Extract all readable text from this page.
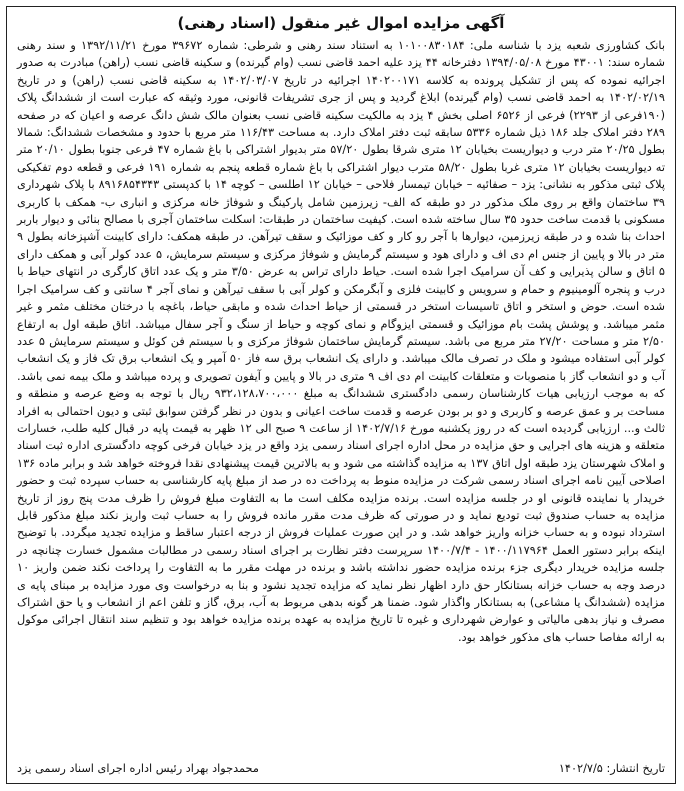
آگهی مزایده اموال غیر منقول (اسناد رهنی)
بانک کشاورزی شعبه یزد با شناسه ملی: ۱۰۱۰۰۸۳۰۱۸۴ به استناد سند رهنی و شرطی: شماره ۳۹۶۷۲ مورخ ۱۳۹۲/۱۱/۲۱ و سند رهنی شماره سند: ۴۳۰۰۱ مورخ ۱۳۹۴/۰۵/۰۸ دفترخانه ۴۴ یزد علیه احمد قاضی نسب (وام گیرنده) و سکینه قاضی نسب (راهن) مبادرت به صدور اجرائیه نموده که پس از تشکیل پرونده به کلاسه ۱۴۰۲۰۰۱۷۱ اجرائیه در تاریخ ۱۴۰۲/۰۳/۰۷ به سکینه قاضی نسب (راهن) و در تاریخ ۱۴۰۲/۰۲/۱۹ به احمد قاضی نسب (وام گیرنده) ابلاغ گردید و پس از جری تشریفات قانونی، مورد وثیقه که عبارت است از ششدانگ پلاک (۱۹۰فرعی از ۲۲۹۳) فرعی از ۶۵۲۶ اصلی بخش ۴ یزد به مالکیت سکینه قاضی نسب بعنوان مالک شش دانگ عرصه و اعیان که در صفحه ۲۸۹ دفتر املاک جلد ۱۸۶ ذیل شماره ۵۳۳۶ سابقه ثبت دفتر املاک دارد. به مساحت ۱۱۶/۴۳ متر مربع با حدود و مشخصات ششدانگ: شمالا بطول ۲۰/۲۵ متر درب و دیواریست بخیابان ۱۲ متری شرقا بطول ۵۷/۲۰ متر بدیوار اشتراکی با باغ شماره ۴۷ فرعی جنوبا بطول ۲۰/۱۰ متر ته دیواریست بخیابان ۱۲ متری غربا بطول ۵۸/۲۰ مترب دیوار اشتراکی با باغ شماره قطعه پنجم به شماره ۱۹۱ فرعی و قطعه دوم تفکیکی پلاک ثبتی مذکور به نشانی: یزد – صفائیه – خیابان تیمسار فلاحی – خیابان ۱۲ اطلسی – کوچه ۱۴ با کدپستی ۸۹۱۶۸۵۴۳۴۳ با پلاک شهرداری ۳۹ ساختمان واقع بر روی ملک مذکور در دو طبقه که الف- زیرزمین شامل پارکینگ و شوفاژ خانه مرکزی و انباری ب- همکف با کاربری مسکونی با قدمت ساخت حدود ۳۵ سال ساخته شده است. کیفیت ساختمان در طبقات: اسکلت ساختمان آجری با مصالح بنائی و دیوار باربر احداث بنا شده و در طبقه زیرزمین، دیوارها با آجر رو کار و کف موزائیک و سقف تیرآهن. در طبقه همکف: دارای کابینت آشپزخانه بطول ۹ متر در بالا و پایین از جنس ام دی اف و دارای هود و سیستم گرمایش و شوفاژ مرکزی و سیستم سرمایش، ۵ عدد کولر آبی و همکف دارای ۵ اتاق و سالن پذیرایی و کف آن سرامیک اجرا شده است. حیاط دارای تراس به عرض ۳/۵۰ متر و یک عدد اتاق کارگری در انتهای حیاط با درب و پنجره آلومینیوم و حمام و سرویس و کابینت فلزی و آبگرمکن و کولر آبی با سقف تیرآهن و نمای آجر ۴ سانتی و کف سرامیک اجرا شده است. حوض و استخر و اتاق تاسیسات استخر در قسمتی از حیاط احداث شده و مابقی حیاط، باغچه با درختان مختلف مثمر و غیر مثمر میباشد. و پوشش پشت بام موزائیک و قسمتی ایزوگام و نمای کوچه و حیاط از سنگ و آجر سفال میباشد. اتاق طبقه اول به ارتفاع ۲/۵۰ متر و مساحت ۲۷/۲۰ متر مربع می باشد. سیستم گرمایش ساختمان شوفاژ مرکزی و با سیستم فن کوئل و سیستم سرمایش ۵ عدد کولر آبی استفاده میشود و ملک در تصرف مالک میباشد. و دارای یک انشعاب برق سه فاز ۵۰ آمپر و یک انشعاب برق تک فاز و یک انشعاب آب و دو انشعاب گاز با منصوبات و متعلقات کابینت ام دی اف ۹ متری در بالا و پایین و آیفون تصویری و پرده میباشد و ملک بیمه نمی باشد. که به موجب ارزیابی هیات کارشناسان رسمی دادگستری ششدانگ به مبلغ ۹۳۲،۱۲۸،۷۰۰،۰۰۰ ریال با توجه به وضع عرصه و منطقه و مساحت بر و عمق عرصه و کاربری و دو بر بودن عرصه و قدمت ساخت اعیانی و بدون در نظر گرفتن سوابق ثبتی و دیون احتمالی به افراد ثالث و... ارزیابی گردیده است که در روز یکشنبه مورخ ۱۴۰۲/۷/۱۶ از ساعت ۹ صبح الی ۱۲ ظهر به قیمت پایه در قبال کلیه طلب، خسارات متعلقه و هزینه های اجرایی و حق مزایده در محل اداره اجرای اسناد رسمی یزد واقع در یزد خیابان فرخی کوچه دادگستری اداره ثبت اسناد و املاک شهرستان یزد طبقه اول اتاق ۱۳۷ به مزایده گذاشته می شود و به بالاترین قیمت پیشنهادی نقدا فروخته خواهد شد و برابر ماده ۱۳۶ اصلاحی آیین نامه اجرای اسناد رسمی شرکت در مزایده منوط به پرداخت ده در صد از مبلغ پایه کارشناسی به حساب سپرده ثبت و حضور خریدار یا نماینده قانونی او در جلسه مزایده است. برنده مزایده مکلف است ما به التفاوت مبلغ فروش را ظرف مدت پنج روز از تاریخ مزایده به حساب صندوق ثبت تودیع نماید و در صورتی که ظرف مدت مقرر مانده فروش را به حساب ثبت واریز نکند مبلغ مذکور قابل استرداد نبوده و به حساب خزانه واریز خواهد شد. و در این صورت عملیات فروش از درجه اعتبار ساقط و مزایده تجدید میگردد. با توضیح اینکه برابر دستور العمل ۱۴۰۰/۱۱۷۹۶۴ - ۱۴۰۰/۷/۴ سرپرست دفتر نظارت بر اجرای اسناد رسمی در مطالبات مشمول خسارت چنانچه در جلسه مزایده خریدار دیگری جزء برنده مزایده حضور نداشته باشد و برنده در مهلت مقرر ما به التفاوت را پرداخت نکند ضمن واریز ۱۰ درصد وجه به حساب خزانه بستانکار حق دارد اظهار نظر نماید که مزایده تجدید نشود و بنا به درخواست وی مورد مزایده بر مبنای پایه ی مزایده (ششدانگ یا مشاعی) به بستانکار واگذار شود. ضمنا هر گونه بدهی مربوط به آب، برق، گاز و تلفن اعم از انشعاب و یا حق اشتراک مصرف و نیاز بدهی مالیاتی و عوارض شهرداری و غیره تا تاریخ مزایده به عهده برنده مزایده خواهد بود و تنظیم سند انتقال اجرائی موکول به ارائه مفاصا حساب های مذکور خواهد بود.
تاریخ انتشار: ۱۴۰۲/۷/۵
محمدجواد بهراد رئیس اداره اجرای اسناد رسمی یزد
